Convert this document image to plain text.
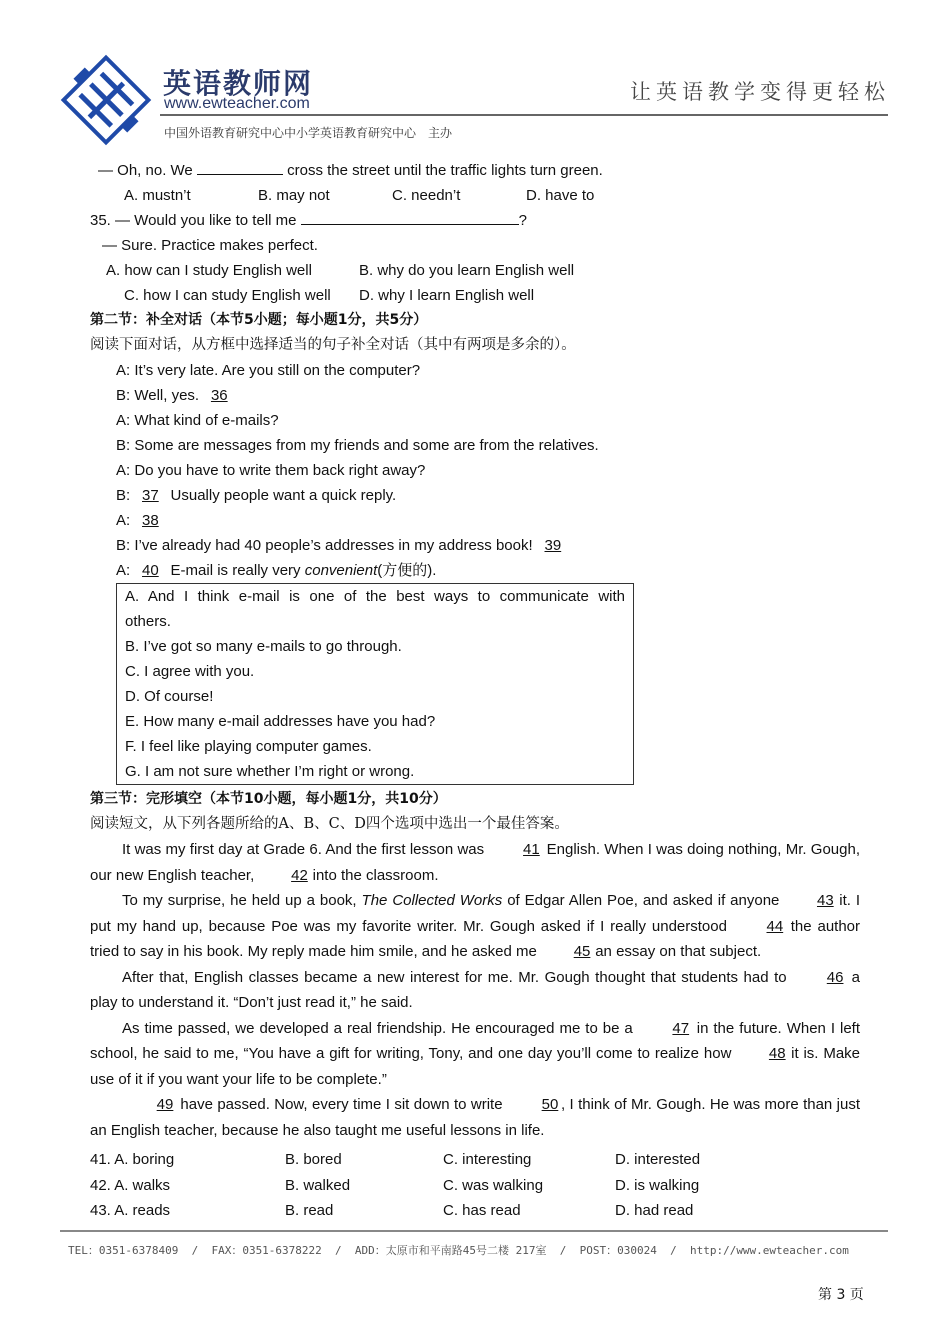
英语教师网
www.ewteacher.com
中国外语教育研究中心中小学英语教育研究中心　主办
让英语教学变得更轻松
— Oh, no. We	cross the street until the traffic lights turn green.
A. mustn’t	B. may not	C. needn’t	D. have to
35. — Would you like to tell me	?
— Sure. Practice makes perfect.
A. how can I study English well	B. why do you learn English well
C. how I can study English well D. why I learn English well
第二节：补全对话（本节5小题；每小题1分，共5分）
阅读下面对话，从方框中选择适当的句子补全对话（其中有两项是多余的）。
A: It’s very late. Are you still on the computer?
B: Well, yes. 36
A: What kind of e-mails?
B: Some are messages from my friends and some are from the relatives.
A: Do you have to write them back right away?
B: 37 Usually people want a quick reply.
A: 38
B: I’ve already had 40 people’s addresses in my address book! 39
A: 40 E-mail is really very convenient(方便的).
A. And I think e-mail is one of the best ways to communicate with
others.
B. I’ve got so many e-mails to go through.
C. I agree with you.
D. Of course!
E. How many e-mail addresses have you had?
F. I feel like playing computer games.
G. I am not sure whether I’m right or wrong.
第三节：完形填空（本节10小题，每小题1分，共10分）
阅读短文，从下列各题所给的A、B、C、D四个选项中选出一个最佳答案。
It was my first day at Grade 6. And the first lesson was	41 English. When I was doing nothing, Mr. Gough, our new English teacher, 42 into the classroom.
To my surprise, he held up a book, The Collected Works of Edgar Allen Poe, and asked if anyone	43 it. I put my hand up, because Poe was my favorite writer. Mr. Gough asked if I really understood	44 the author tried to say in his book. My reply made him smile, and he asked me 45 an essay on that subject.
After that, English classes became a new interest for me. Mr. Gough thought that students had to	46 a play to understand it. “Don’t just read it,” he said.
As time passed, we developed a real friendship. He encouraged me to be a	47 in the future. When I left school, he said to me, “You have a gift for writing, Tony, and one day you’ll come to realize how	48 it is. Make use of it if you want your life to be complete.”
49 have passed. Now, every time I sit down to write	50 , I think of Mr. Gough. He was more than just an English teacher, because he also taught me useful lessons in life.
41. A. boring	B. bored	C. interesting	D. interested
42. A. walks	B. walked	C. was walking	D. is walking
43. A. reads	B. read	C. has read	D. had read
TEL：0351-6378409  /  FAX：0351-6378222  /  ADD：太原市和平南路45号二楼 217室  /  POST：030024  /  http://www.ewteacher.com
第 3 页
